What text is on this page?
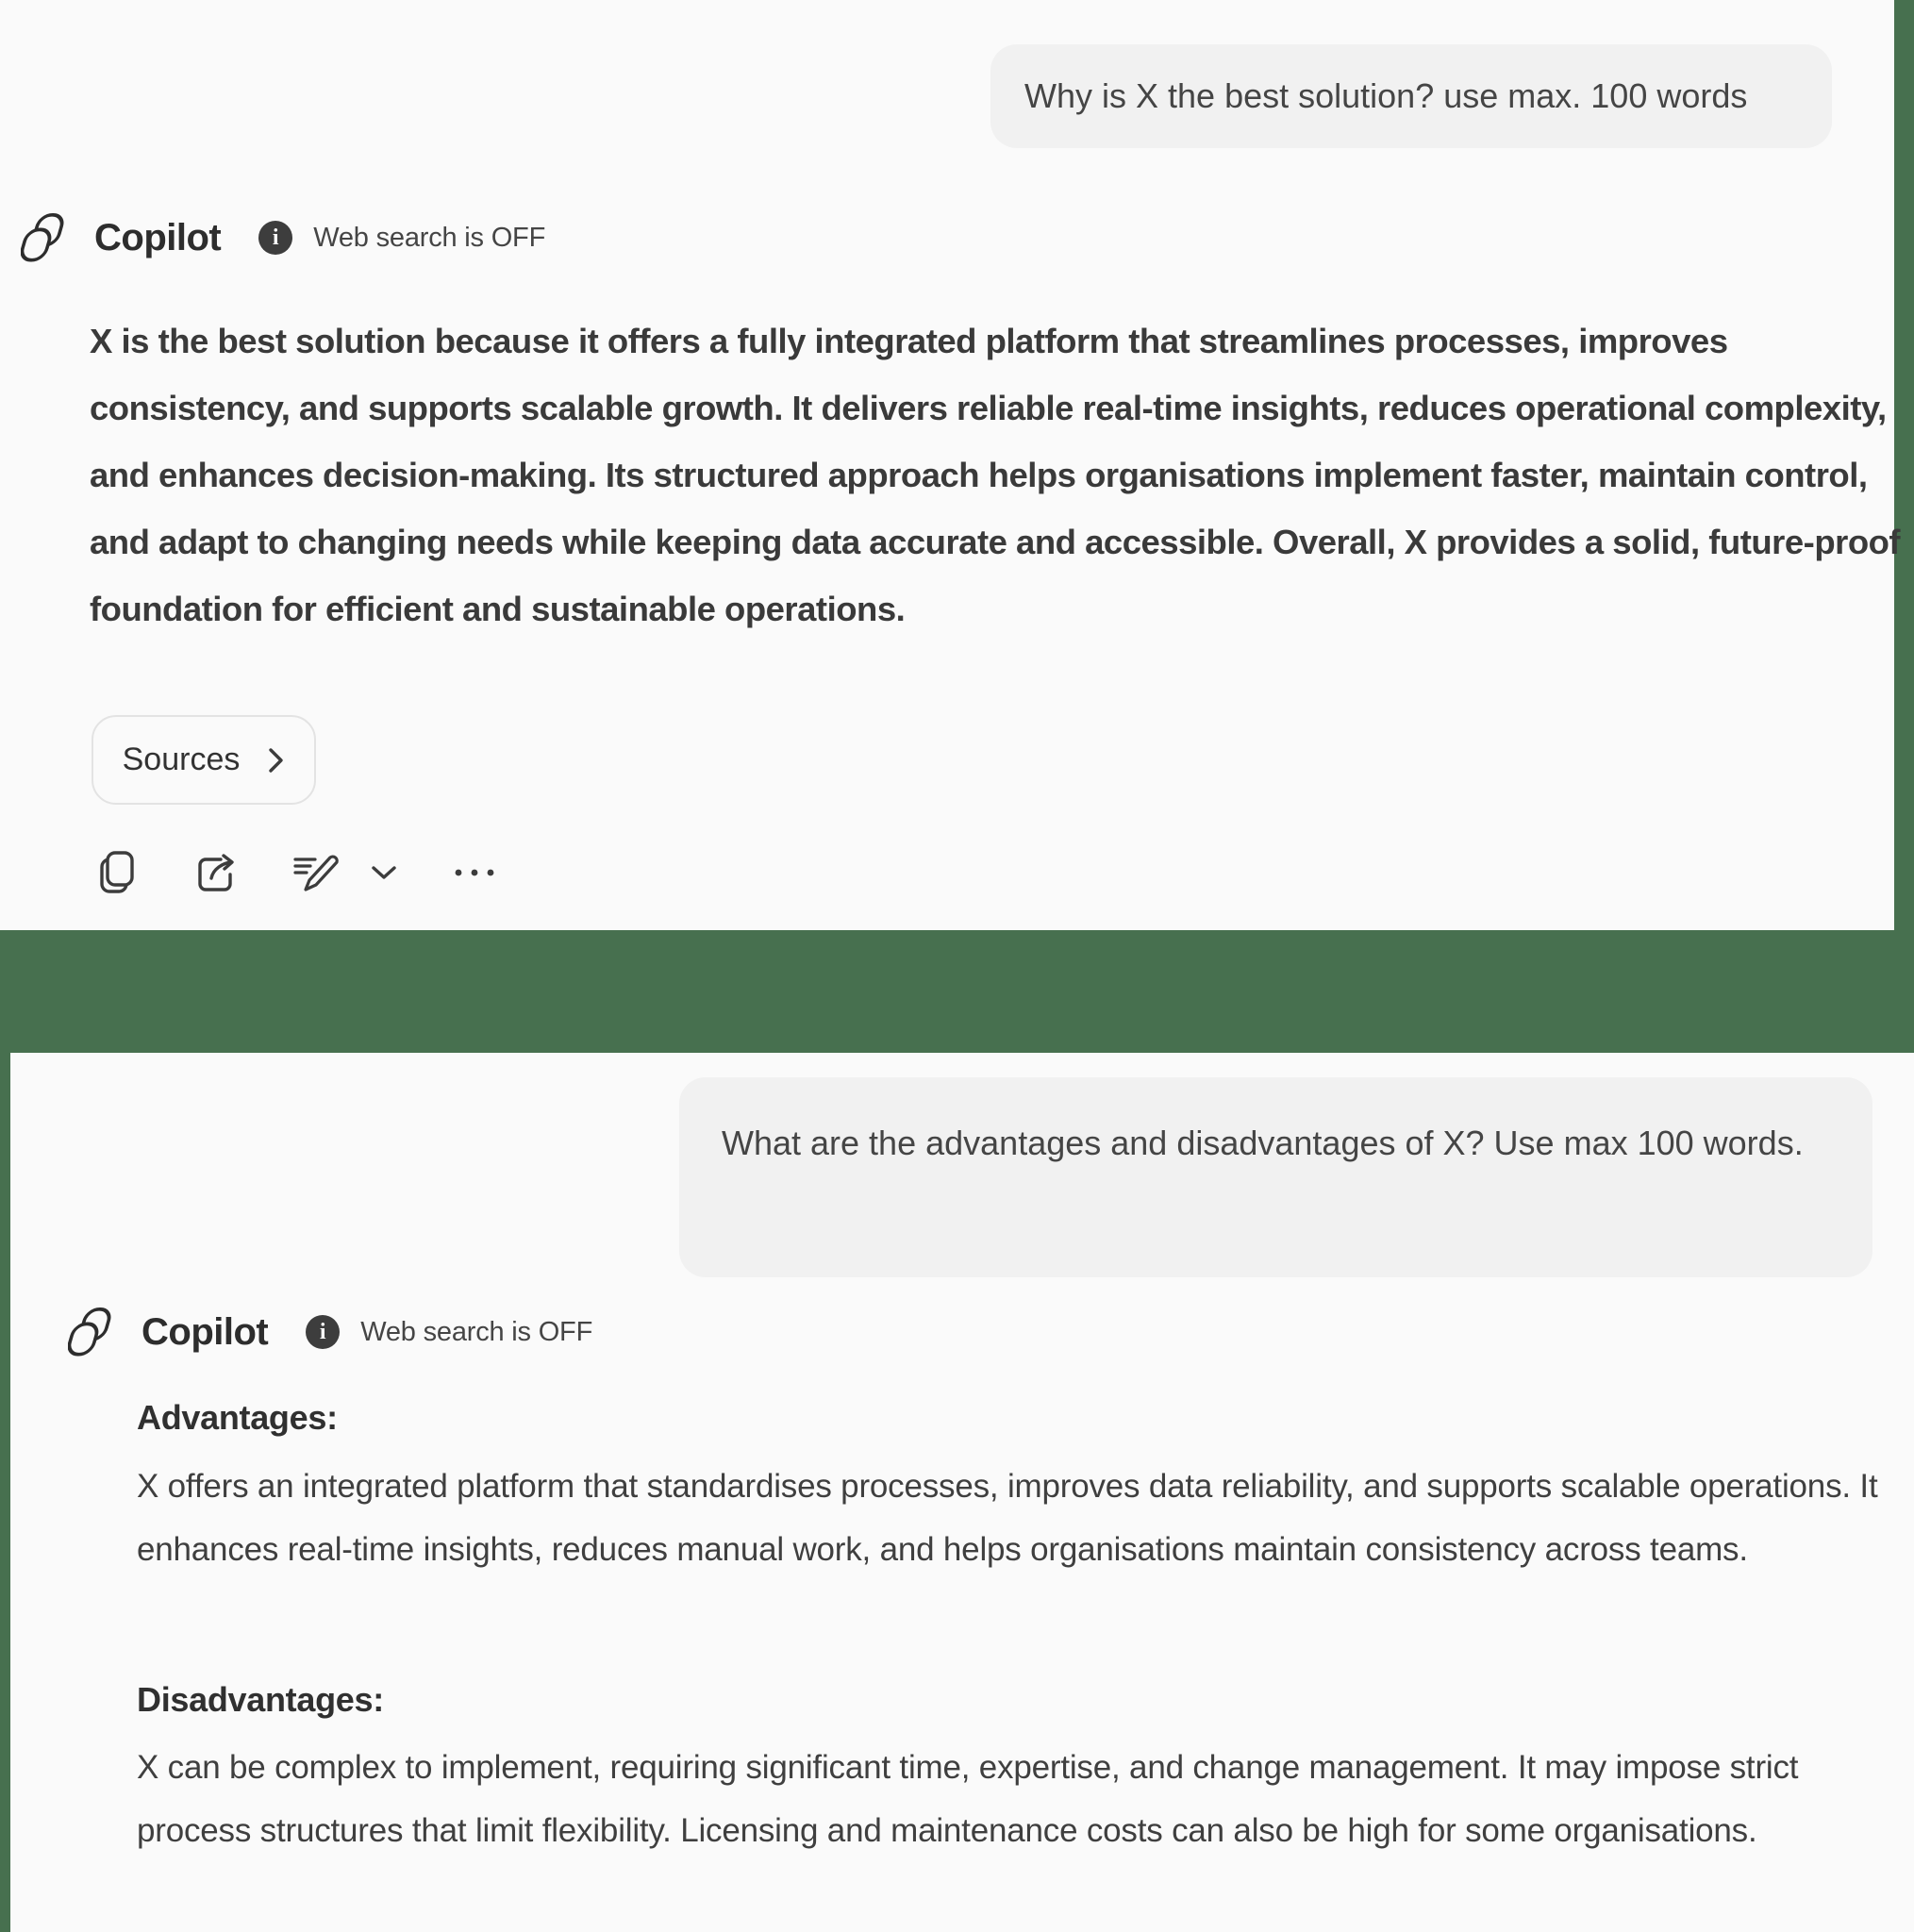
Why is X the best solution? use max. 100 words
Copilot	i	Web search is OFF
X is the best solution because it offers a fully integrated platform that streamlines processes, improves consistency, and supports scalable growth. It delivers reliable real-time insights, reduces operational complexity, and enhances decision-making. Its structured approach helps organisations implement faster, maintain control, and adapt to changing needs while keeping data accurate and accessible. Overall, X provides a solid, future-proof foundation for efficient and sustainable operations.
Sources
What are the advantages and disadvantages of X? Use max 100 words.
Copilot	i	Web search is OFF
Advantages:
X offers an integrated platform that standardises processes, improves data reliability, and supports scalable operations. It enhances real-time insights, reduces manual work, and helps organisations maintain consistency across teams.
Disadvantages:
X can be complex to implement, requiring significant time, expertise, and change management. It may impose strict process structures that limit flexibility. Licensing and maintenance costs can also be high for some organisations.
